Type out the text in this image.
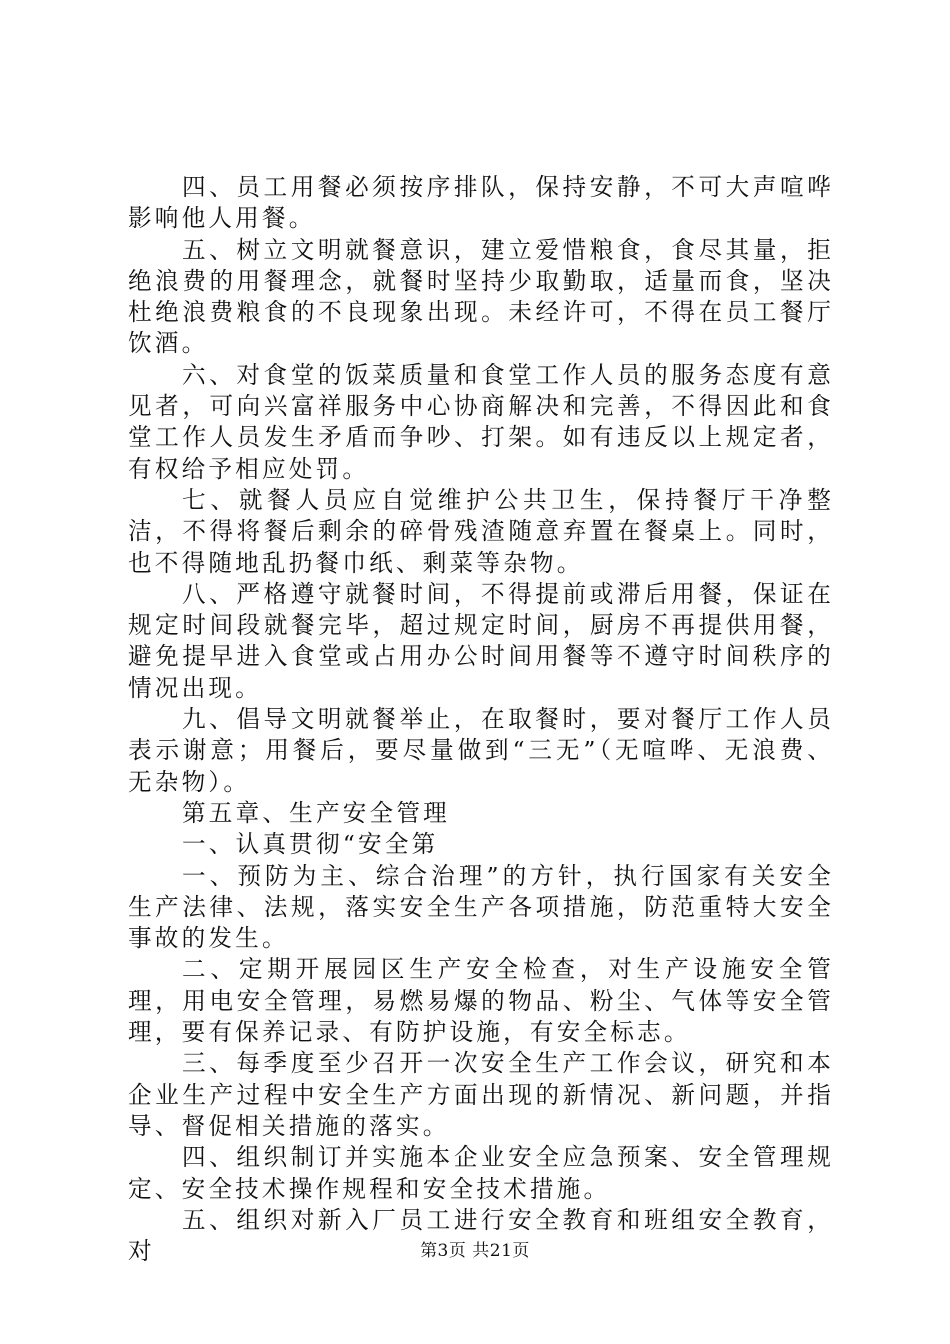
四、员工用餐必须按序排队，保持安静，不可大声喧哗影响他人用餐。

五、树立文明就餐意识，建立爱惜粮食，食尽其量，拒绝浪费的用餐理念，就餐时坚持少取勤取，适量而食，坚决杜绝浪费粮食的不良现象出现。未经许可，不得在员工餐厅饮酒。

六、对食堂的饭菜质量和食堂工作人员的服务态度有意见者，可向兴富祥服务中心协商解决和完善，不得因此和食堂工作人员发生矛盾而争吵、打架。如有违反以上规定者，有权给予相应处罚。

七、就餐人员应自觉维护公共卫生，保持餐厅干净整洁，不得将餐后剩余的碎骨残渣随意弃置在餐桌上。同时，也不得随地乱扔餐巾纸、剩菜等杂物。

八、严格遵守就餐时间，不得提前或滞后用餐，保证在规定时间段就餐完毕，超过规定时间，厨房不再提供用餐，避免提早进入食堂或占用办公时间用餐等不遵守时间秩序的情况出现。

九、倡导文明就餐举止，在取餐时，要对餐厅工作人员表示谢意；用餐后，要尽量做到“三无”（无喧哗、无浪费、无杂物）。

第五章、生产安全管理

一、认真贯彻“安全第

一、预防为主、综合治理”的方针，执行国家有关安全生产法律、法规，落实安全生产各项措施，防范重特大安全事故的发生。

二、定期开展园区生产安全检查，对生产设施安全管理，用电安全管理，易燃易爆的物品、粉尘、气体等安全管理，要有保养记录、有防护设施，有安全标志。

三、每季度至少召开一次安全生产工作会议，研究和本企业生产过程中安全生产方面出现的新情况、新问题，并指导、督促相关措施的落实。

四、组织制订并实施本企业安全应急预案、安全管理规定、安全技术操作规程和安全技术措施。

五、组织对新入厂员工进行安全教育和班组安全教育，对	第3页 共21页
